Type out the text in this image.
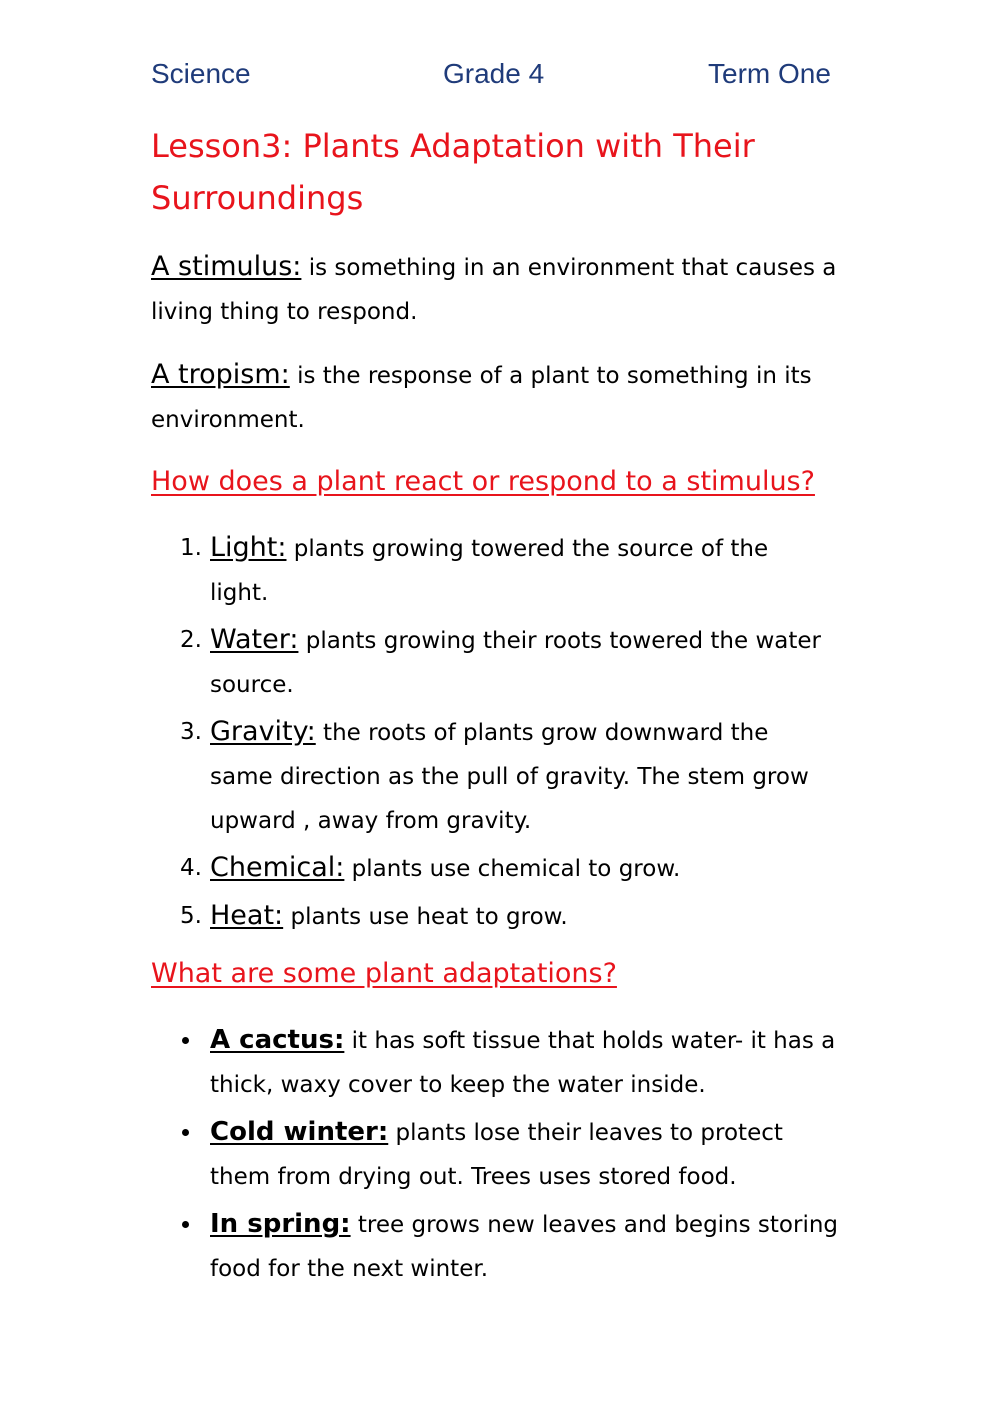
Science	Grade 4	Term One
Lesson3: Plants Adaptation with Their Surroundings
A stimulus: is something in an environment that causes a living thing to respond.
A tropism: is the response of a plant to something in its environment.
How does a plant react or respond to a stimulus?
1. Light: plants growing towered the source of the light.
2. Water: plants growing their roots towered the water source.
3. Gravity: the roots of plants grow downward the same direction as the pull of gravity. The stem grow upward , away from gravity.
4. Chemical: plants use chemical to grow.
5. Heat: plants use heat to grow.
What are some plant adaptations?
A cactus: it has soft tissue that holds water- it has a thick, waxy cover to keep the water inside.
Cold winter: plants lose their leaves to protect them from drying out. Trees uses stored food.
In spring: tree grows new leaves and begins storing food for the next winter.
